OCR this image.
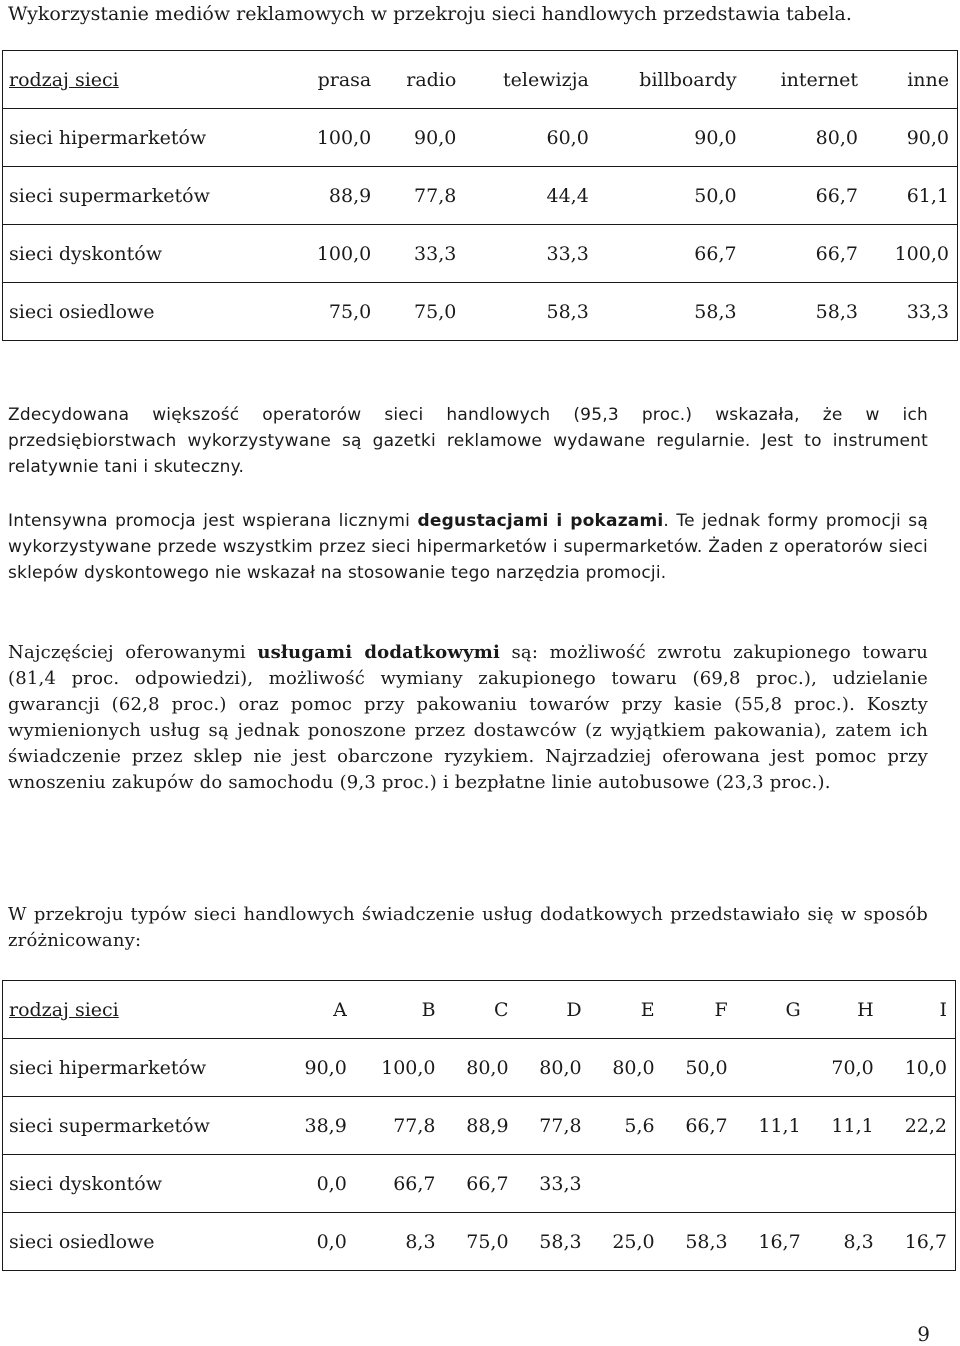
Wykorzystanie mediów reklamowych w przekroju sieci handlowych przedstawia tabela.

rodzaj sieci	prasa	radio	telewizja	billboardy	internet	inne
sieci hipermarketów	100,0	90,0	60,0	90,0	80,0	90,0
sieci supermarketów	88,9	77,8	44,4	50,0	66,7	61,1
sieci dyskontów	100,0	33,3	33,3	66,7	66,7	100,0
sieci osiedlowe	75,0	75,0	58,3	58,3	58,3	33,3

Zdecydowana większość operatorów sieci handlowych (95,3 proc.) wskazała, że w ich przedsiębiorstwach wykorzystywane są gazetki reklamowe wydawane regularnie. Jest to instrument relatywnie tani i skuteczny.

Intensywna promocja jest wspierana licznymi degustacjami i pokazami. Te jednak formy promocji są wykorzystywane przede wszystkim przez sieci hipermarketów i supermarketów. Żaden z operatorów sieci sklepów dyskontowego nie wskazał na stosowanie tego narzędzia promocji.

Najczęściej oferowanymi usługami dodatkowymi są: możliwość zwrotu zakupionego towaru (81,4 proc. odpowiedzi), możliwość wymiany zakupionego towaru (69,8 proc.), udzielanie gwarancji (62,8 proc.) oraz pomoc przy pakowaniu towarów przy kasie (55,8 proc.). Koszty wymienionych usług są jednak ponoszone przez dostawców (z wyjątkiem pakowania), zatem ich świadczenie przez sklep nie jest obarczone ryzykiem. Najrzadziej oferowana jest pomoc przy wnoszeniu zakupów do samochodu (9,3 proc.) i bezpłatne linie autobusowe (23,3 proc.).

W przekroju typów sieci handlowych świadczenie usług dodatkowych przedstawiało się w sposób zróżnicowany:

rodzaj sieci	A	B	C	D	E	F	G	H	I
sieci hipermarketów	90,0	100,0	80,0	80,0	80,0	50,0		70,0	10,0
sieci supermarketów	38,9	77,8	88,9	77,8	5,6	66,7	11,1	11,1	22,2
sieci dyskontów	0,0	66,7	66,7	33,3					
sieci osiedlowe	0,0	8,3	75,0	58,3	25,0	58,3	16,7	8,3	16,7
9
